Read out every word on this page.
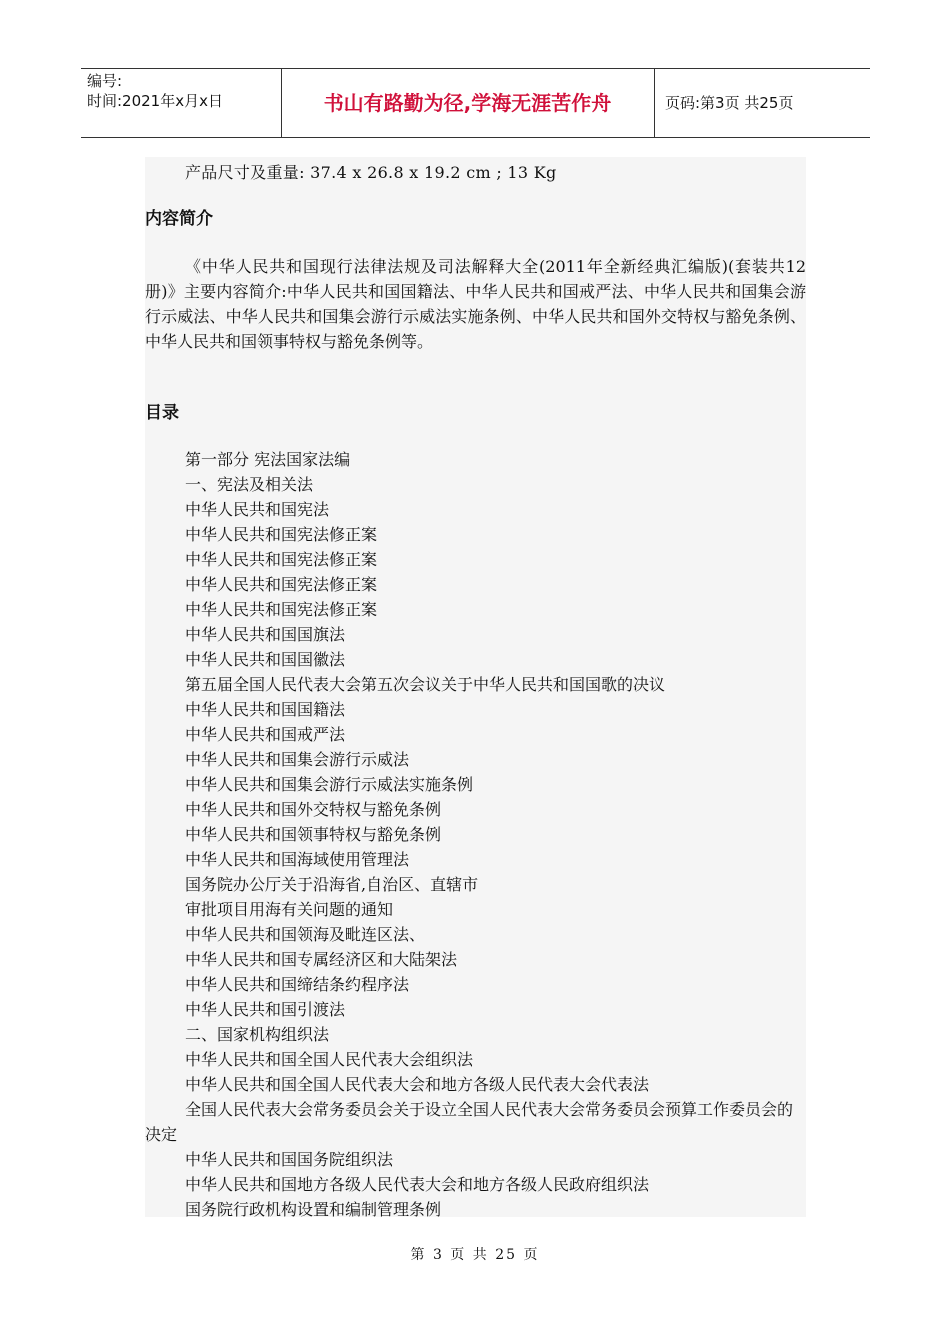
编号:
时间:2021年x月x日	书山有路勤为径,学海无涯苦作舟	页码:第3页 共25页
产品尺寸及重量: 37.4 x 26.8 x 19.2 cm ; 13 Kg
内容简介
《中华人民共和国现行法律法规及司法解释大全(2011年全新经典汇编版)(套装共12册)》主要内容简介:中华人民共和国国籍法、中华人民共和国戒严法、中华人民共和国集会游行示威法、中华人民共和国集会游行示威法实施条例、中华人民共和国外交特权与豁免条例、中华人民共和国领事特权与豁免条例等。
目录
第一部分 宪法国家法编
一、宪法及相关法
中华人民共和国宪法
中华人民共和国宪法修正案
中华人民共和国宪法修正案
中华人民共和国宪法修正案
中华人民共和国宪法修正案
中华人民共和国国旗法
中华人民共和国国徽法
第五届全国人民代表大会第五次会议关于中华人民共和国国歌的决议
中华人民共和国国籍法
中华人民共和国戒严法
中华人民共和国集会游行示威法
中华人民共和国集会游行示威法实施条例
中华人民共和国外交特权与豁免条例
中华人民共和国领事特权与豁免条例
中华人民共和国海域使用管理法
国务院办公厅关于沿海省,自治区、直辖市
审批项目用海有关问题的通知
中华人民共和国领海及毗连区法、
中华人民共和国专属经济区和大陆架法
中华人民共和国缔结条约程序法
中华人民共和国引渡法
二、国家机构组织法
中华人民共和国全国人民代表大会组织法
中华人民共和国全国人民代表大会和地方各级人民代表大会代表法
全国人民代表大会常务委员会关于设立全国人民代表大会常务委员会预算工作委员会的决定
中华人民共和国国务院组织法
中华人民共和国地方各级人民代表大会和地方各级人民政府组织法
国务院行政机构设置和编制管理条例
第 3 页 共 25 页
